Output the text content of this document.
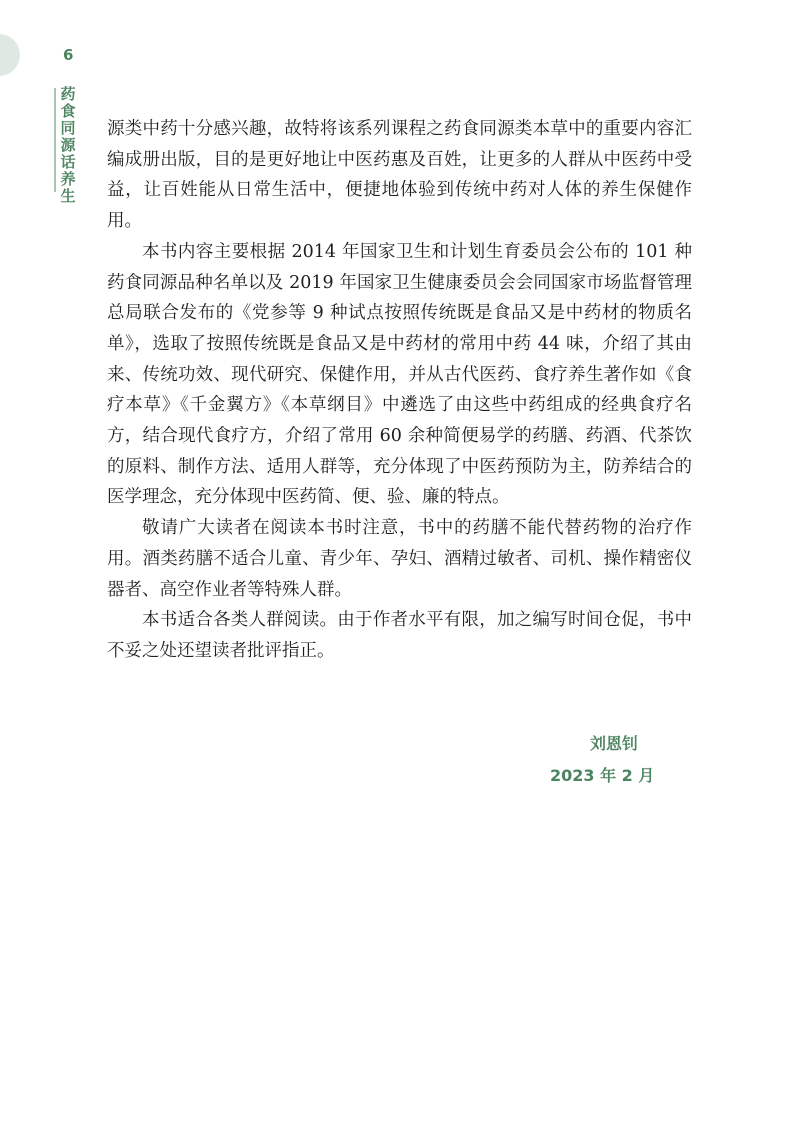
6
药食同源话养生

源类中药十分感兴趣，故特将该系列课程之药食同源类本草中的重要内容汇编成册出版，目的是更好地让中医药惠及百姓，让更多的人群从中医药中受益，让百姓能从日常生活中，便捷地体验到传统中药对人体的养生保健作用。

本书内容主要根据 2014 年国家卫生和计划生育委员会公布的 101 种药食同源品种名单以及 2019 年国家卫生健康委员会会同国家市场监督管理总局联合发布的《党参等 9 种试点按照传统既是食品又是中药材的物质名单》，选取了按照传统既是食品又是中药材的常用中药 44 味，介绍了其由来、传统功效、现代研究、保健作用，并从古代医药、食疗养生著作如《食疗本草》《千金翼方》《本草纲目》中遴选了由这些中药组成的经典食疗名方，结合现代食疗方，介绍了常用 60 余种简便易学的药膳、药酒、代茶饮的原料、制作方法、适用人群等，充分体现了中医药预防为主，防养结合的医学理念，充分体现中医药简、便、验、廉的特点。

敬请广大读者在阅读本书时注意，书中的药膳不能代替药物的治疗作用。酒类药膳不适合儿童、青少年、孕妇、酒精过敏者、司机、操作精密仪器者、高空作业者等特殊人群。

本书适合各类人群阅读。由于作者水平有限，加之编写时间仓促，书中不妥之处还望读者批评指正。

刘恩钊
2023 年 2 月
